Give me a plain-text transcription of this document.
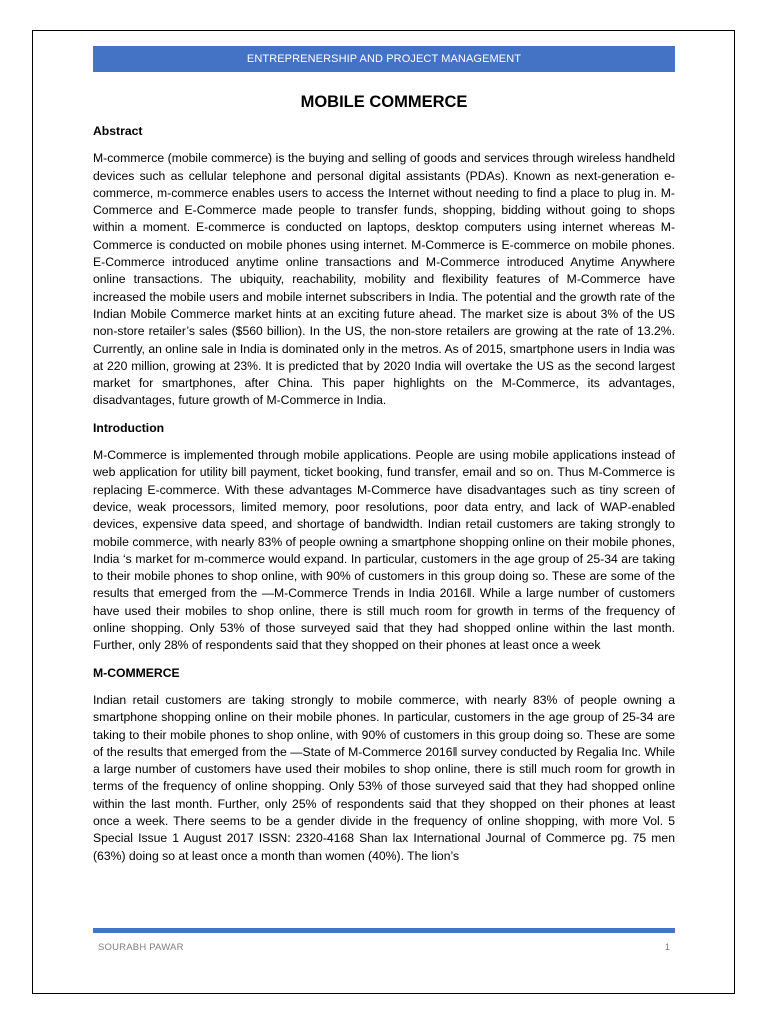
ENTREPRENERSHIP AND PROJECT MANAGEMENT
MOBILE COMMERCE
Abstract
M-commerce (mobile commerce) is the buying and selling of goods and services through wireless handheld devices such as cellular telephone and personal digital assistants (PDAs). Known as next-generation e-commerce, m-commerce enables users to access the Internet without needing to find a place to plug in. M-Commerce and E-Commerce made people to transfer funds, shopping, bidding without going to shops within a moment. E-commerce is conducted on laptops, desktop computers using internet whereas M-Commerce is conducted on mobile phones using internet. M-Commerce is E-commerce on mobile phones. E-Commerce introduced anytime online transactions and M-Commerce introduced Anytime Anywhere online transactions. The ubiquity, reachability, mobility and flexibility features of M-Commerce have increased the mobile users and mobile internet subscribers in India. The potential and the growth rate of the Indian Mobile Commerce market hints at an exciting future ahead. The market size is about 3% of the US non-store retailer’s sales ($560 billion). In the US, the non-store retailers are growing at the rate of 13.2%. Currently, an online sale in India is dominated only in the metros. As of 2015, smartphone users in India was at 220 million, growing at 23%. It is predicted that by 2020 India will overtake the US as the second largest market for smartphones, after China. This paper highlights on the M-Commerce, its advantages, disadvantages, future growth of M-Commerce in India.
Introduction
M-Commerce is implemented through mobile applications. People are using mobile applications instead of web application for utility bill payment, ticket booking, fund transfer, email and so on. Thus M-Commerce is replacing E-commerce. With these advantages M-Commerce have disadvantages such as tiny screen of device, weak processors, limited memory, poor resolutions, poor data entry, and lack of WAP-enabled devices, expensive data speed, and shortage of bandwidth. Indian retail customers are taking strongly to mobile commerce, with nearly 83% of people owning a smartphone shopping online on their mobile phones, India ‘s market for m-commerce would expand. In particular, customers in the age group of 25-34 are taking to their mobile phones to shop online, with 90% of customers in this group doing so. These are some of the results that emerged from the ―M-Commerce Trends in India 2016‖. While a large number of customers have used their mobiles to shop online, there is still much room for growth in terms of the frequency of online shopping. Only 53% of those surveyed said that they had shopped online within the last month. Further, only 28% of respondents said that they shopped on their phones at least once a week
M-COMMERCE
Indian retail customers are taking strongly to mobile commerce, with nearly 83% of people owning a smartphone shopping online on their mobile phones. In particular, customers in the age group of 25-34 are taking to their mobile phones to shop online, with 90% of customers in this group doing so. These are some of the results that emerged from the ―State of M-Commerce 2016‖ survey conducted by Regalia Inc. While a large number of customers have used their mobiles to shop online, there is still much room for growth in terms of the frequency of online shopping. Only 53% of those surveyed said that they had shopped online within the last month. Further, only 25% of respondents said that they shopped on their phones at least once a week. There seems to be a gender divide in the frequency of online shopping, with more Vol. 5 Special Issue 1 August 2017 ISSN: 2320-4168 Shan lax International Journal of Commerce pg. 75 men (63%) doing so at least once a month than women (40%). The lion’s
SOURABH PAWAR	1
